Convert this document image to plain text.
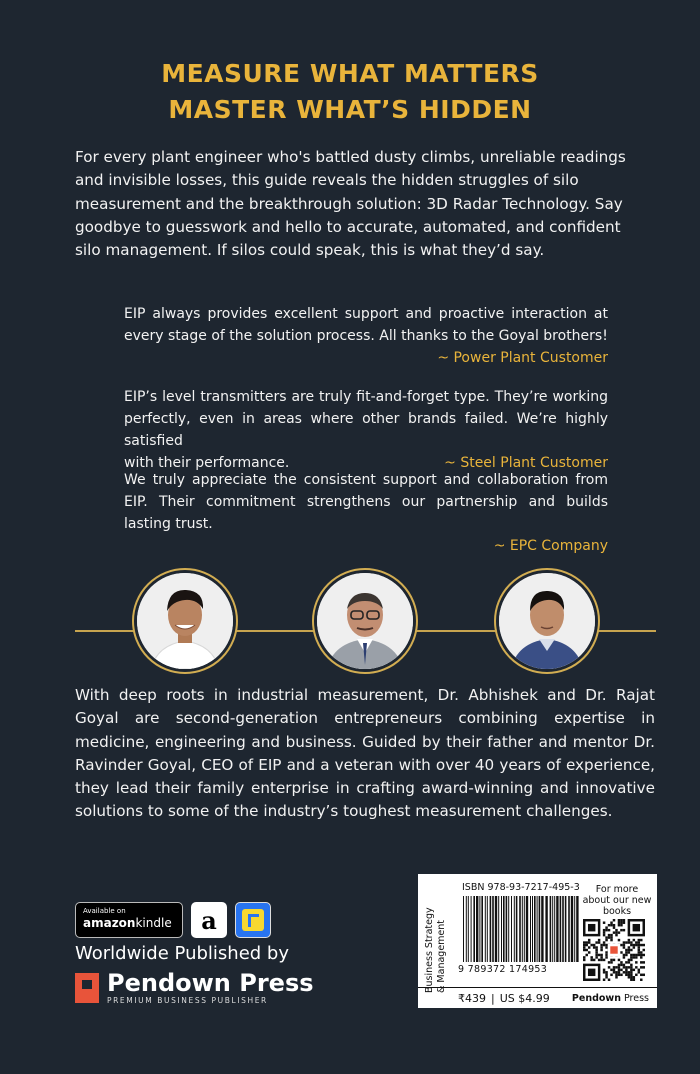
MEASURE WHAT MATTERS
MASTER WHAT’S HIDDEN
For every plant engineer who's battled dusty climbs, unreliable readings and invisible losses, this guide reveals the hidden struggles of silo measurement and the breakthrough solution: 3D Radar Technology. Say goodbye to guesswork and hello to accurate, automated, and confident silo management. If silos could speak, this is what they’d say.
EIP always provides excellent support and proactive interaction at every stage of the solution process. All thanks to the Goyal brothers!
~ Power Plant Customer
EIP’s level transmitters are truly fit-and-forget type. They’re working perfectly, even in areas where other brands failed. We’re highly satisfied
with their performance.	~ Steel Plant Customer
We truly appreciate the consistent support and collaboration from EIP. Their commitment strengthens our partnership and builds lasting trust.
~ EPC Company
With deep roots in industrial measurement, Dr. Abhishek and Dr. Rajat Goyal are second-generation entrepreneurs combining expertise in medicine, engineering and business. Guided by their father and mentor Dr. Ravinder Goyal, CEO of EIP and a veteran with over 40 years of experience, they lead their family enterprise in crafting award-winning and innovative solutions to some of the industry’s toughest measurement challenges.
Available on
amazonkindle a
Worldwide Published by
Pendown Press
PREMIUM BUSINESS PUBLISHER
Business Strategy
& Management
ISBN 978-93-7217-495-3
9 789372 174953
For more about our new books
₹439 | US $4.99 Pendown Press
